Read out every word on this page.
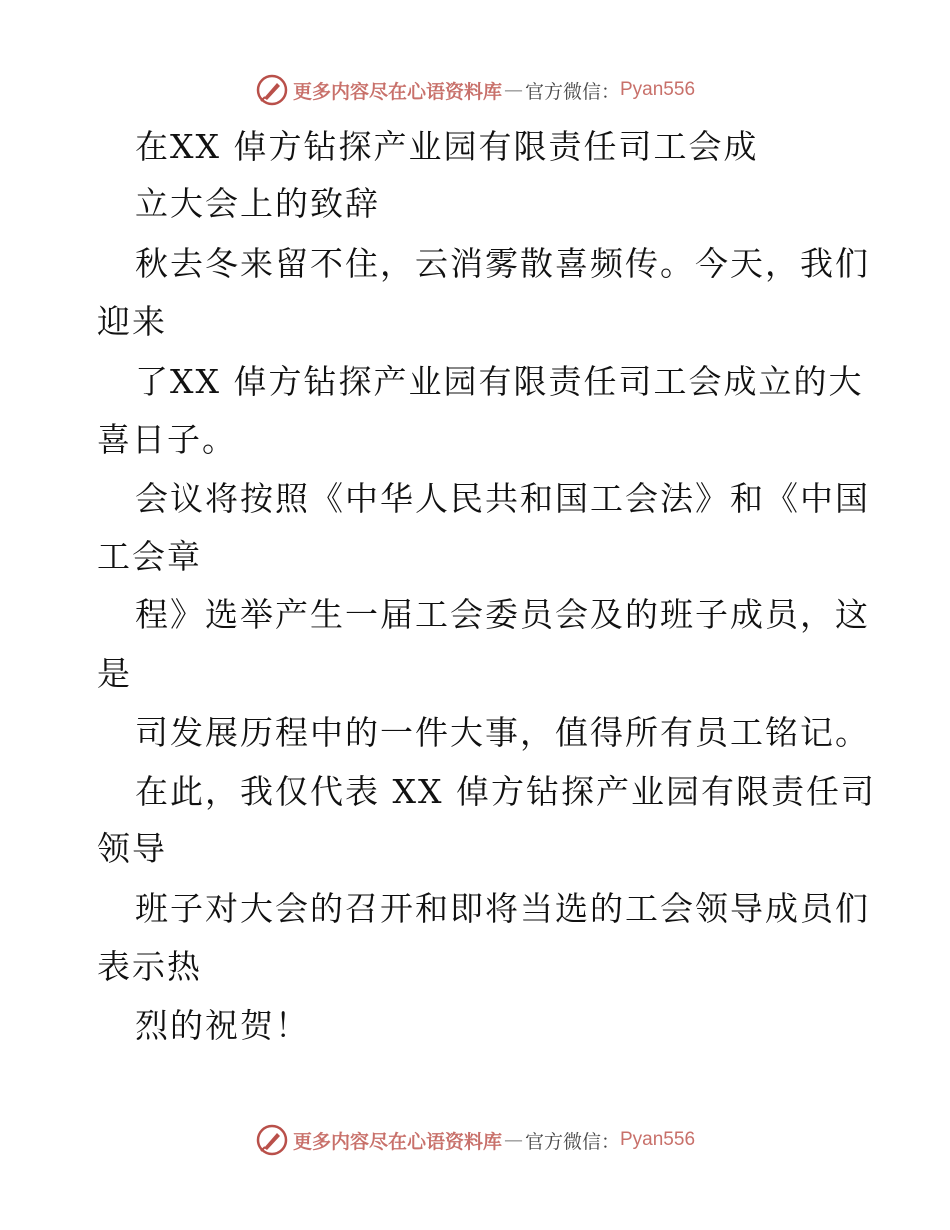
更多内容尽在心语资料库 — 官方微信： Pyan556
在XX 倬方钻探产业园有限责任司工会成
立大会上的致辞
秋去冬来留不住，云消雾散喜频传。今天，我们
迎来
了XX 倬方钻探产业园有限责任司工会成立的大
喜日子。
会议将按照《中华人民共和国工会法》和《中国
工会章
程》选举产生一届工会委员会及的班子成员，这
是
司发展历程中的一件大事，值得所有员工铭记。
在此，我仅代表 XX 倬方钻探产业园有限责任司
领导
班子对大会的召开和即将当选的工会领导成员们
表示热
烈的祝贺！
更多内容尽在心语资料库 — 官方微信： Pyan556
